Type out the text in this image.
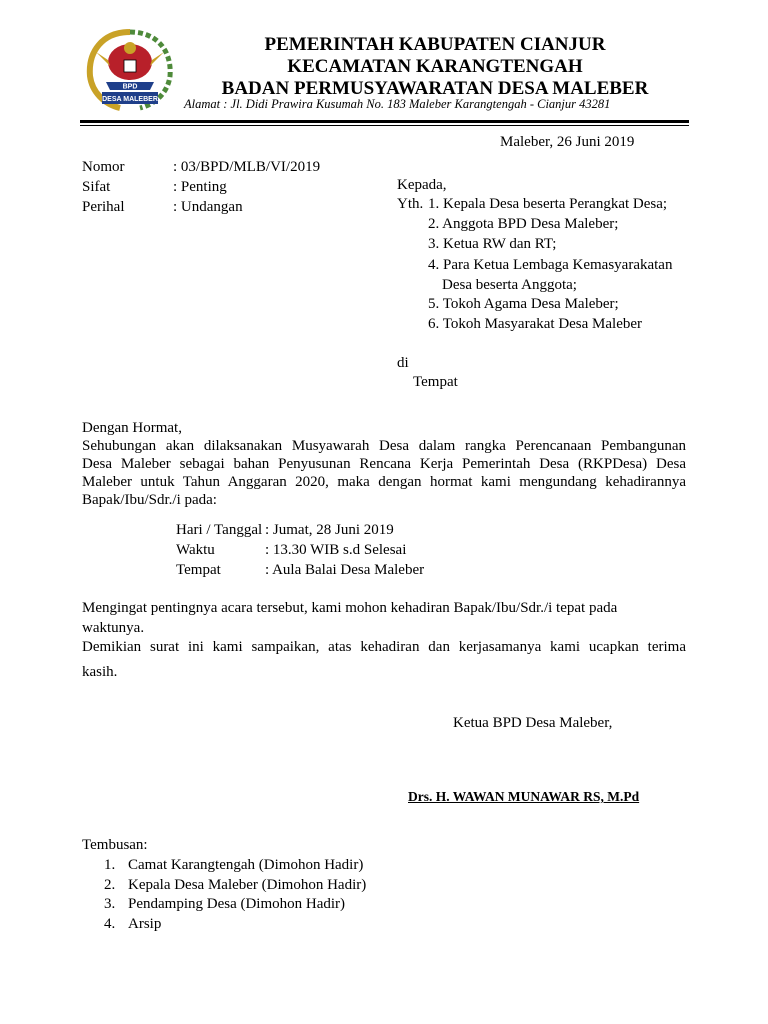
BPD
DESA MALEBER
PEMERINTAH KABUPATEN CIANJUR
KECAMATAN KARANGTENGAH
BADAN PERMUSYAWARATAN DESA MALEBER
Alamat : Jl. Didi Prawira Kusumah No. 183 Maleber Karangtengah - Cianjur 43281
Maleber, 26 Juni 2019
Nomor	: 03/BPD/MLB/VI/2019
Sifat	: Penting
Perihal	: Undangan
Kepada,
Yth. 1. Kepala Desa beserta Perangkat Desa;
2. Anggota BPD Desa Maleber;
3. Ketua RW dan RT;
4. Para Ketua Lembaga Kemasyarakatan
Desa beserta Anggota;
5. Tokoh Agama Desa Maleber;
6. Tokoh Masyarakat Desa Maleber
di
Tempat
Dengan Hormat,
Sehubungan akan dilaksanakan Musyawarah Desa dalam rangka Perencanaan Pembangunan
Desa Maleber sebagai bahan Penyusunan Rencana Kerja Pemerintah Desa (RKPDesa) Desa
Maleber untuk Tahun Anggaran 2020, maka dengan hormat kami mengundang kehadirannya
Bapak/Ibu/Sdr./i pada:
Hari / Tanggal : Jumat, 28 Juni 2019
Waktu	: 13.30 WIB s.d Selesai
Tempat	: Aula Balai Desa Maleber
Mengingat pentingnya acara tersebut, kami mohon kehadiran Bapak/Ibu/Sdr./i tepat pada
waktunya.
Demikian surat ini kami sampaikan, atas kehadiran dan kerjasamanya kami ucapkan terima
kasih.
Ketua BPD Desa Maleber,
Drs. H. WAWAN MUNAWAR RS, M.Pd
Tembusan:
1. Camat Karangtengah (Dimohon Hadir)
2. Kepala Desa Maleber (Dimohon Hadir)
3. Pendamping Desa (Dimohon Hadir)
4. Arsip
